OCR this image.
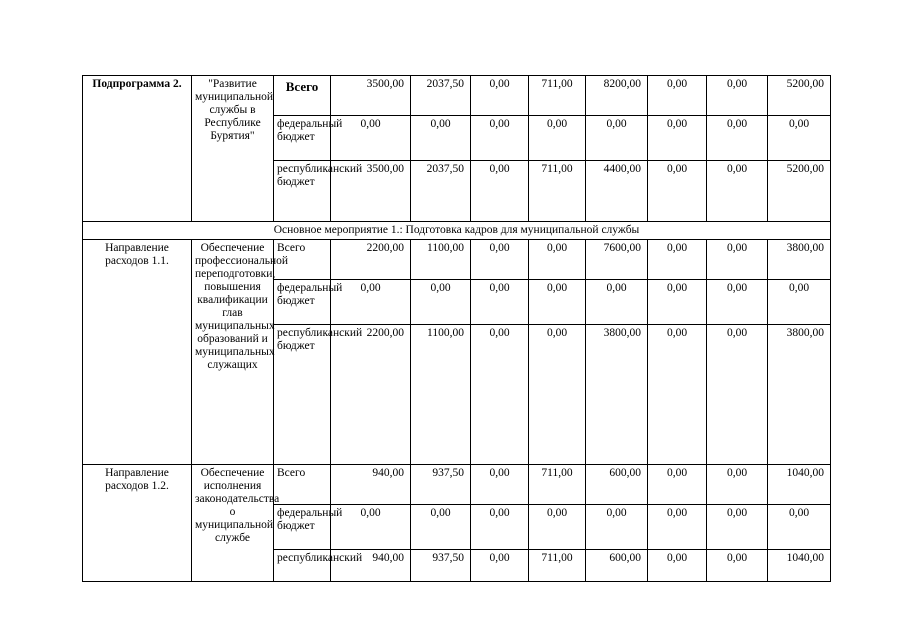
Подпрограмма 2.	"Развитие муниципальной службы в Республике Бурятия"	Всего	3500,00	2037,50	0,00	711,00	8200,00	0,00	0,00	5200,00
		федеральный бюджет	0,00	0,00	0,00	0,00	0,00	0,00	0,00	0,00
		республиканский бюджет	3500,00	2037,50	0,00	711,00	4400,00	0,00	0,00	5200,00
Основное мероприятие 1.: Подготовка кадров для муниципальной службы										
Направление расходов 1.1.	Обеспечение профессиональной переподготовки, повышения квалификации глав муниципальных образований и муниципальных служащих	Всего	2200,00	1100,00	0,00	0,00	7600,00	0,00	0,00	3800,00
		федеральный бюджет	0,00	0,00	0,00	0,00	0,00	0,00	0,00	0,00
		республиканский бюджет	2200,00	1100,00	0,00	0,00	3800,00	0,00	0,00	3800,00
Направление расходов 1.2.	Обеспечение исполнения законодательства о муниципальной службе	Всего	940,00	937,50	0,00	711,00	600,00	0,00	0,00	1040,00
		федеральный бюджет	0,00	0,00	0,00	0,00	0,00	0,00	0,00	0,00
		республиканский	940,00	937,50	0,00	711,00	600,00	0,00	0,00	1040,00
